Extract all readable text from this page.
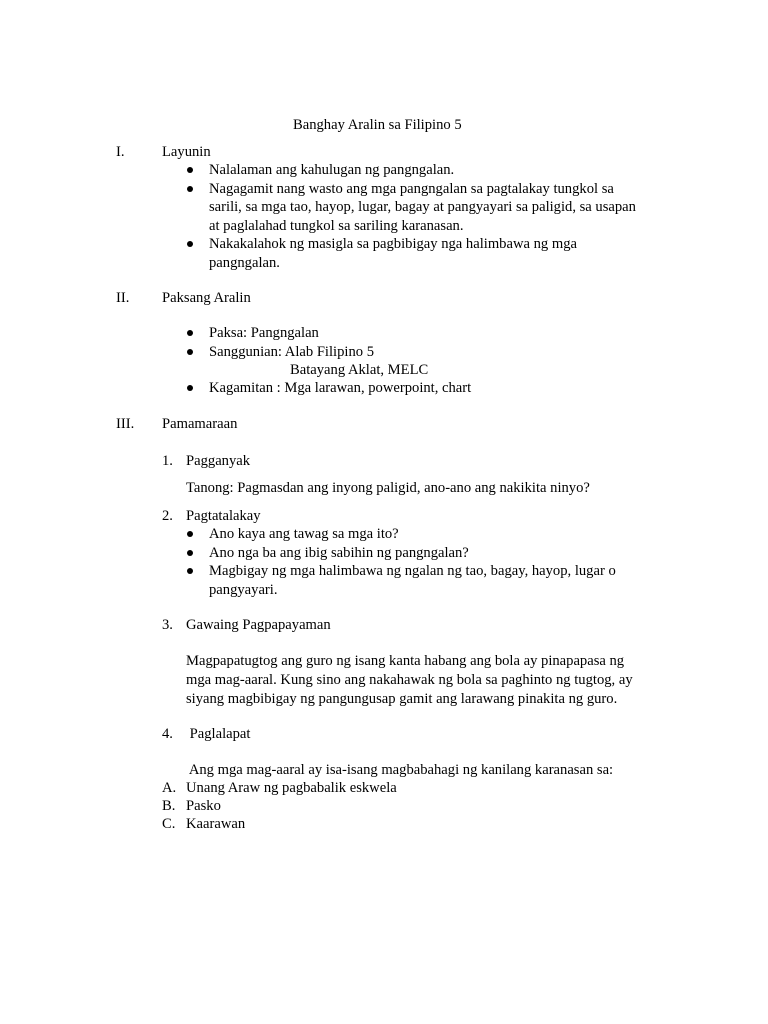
Banghay Aralin sa Filipino 5
I.	Layunin
Nalalaman ang kahulugan ng pangngalan.
Nagagamit nang wasto ang mga pangngalan sa pagtalakay tungkol sa
sarili, sa mga tao, hayop, lugar, bagay at pangyayari sa paligid, sa usapan
at paglalahad tungkol sa sariling karanasan.
Nakakalahok ng masigla sa pagbibigay nga halimbawa ng mga
pangngalan.
II. Paksang Aralin
Paksa: Pangngalan
Sanggunian: Alab Filipino 5
Batayang Aklat, MELC
Kagamitan : Mga larawan, powerpoint, chart
III. Pamamaraan
1. Pagganyak
Tanong: Pagmasdan ang inyong paligid, ano-ano ang nakikita ninyo?
2. Pagtatalakay
Ano kaya ang tawag sa mga ito?
Ano nga ba ang ibig sabihin ng pangngalan?
Magbigay ng mga halimbawa ng ngalan ng tao, bagay, hayop, lugar o
pangyayari.
3. Gawaing Pagpapayaman
Magpapatugtog ang guro ng isang kanta habang ang bola ay pinapapasa ng
mga mag-aaral. Kung sino ang nakahawak ng bola sa paghinto ng tugtog, ay
siyang magbibigay ng pangungusap gamit ang larawang pinakita ng guro.
4. Paglalapat
Ang mga mag-aaral ay isa-isang magbabahagi ng kanilang karanasan sa:
A. Unang Araw ng pagbabalik eskwela
B. Pasko
C. Kaarawan
